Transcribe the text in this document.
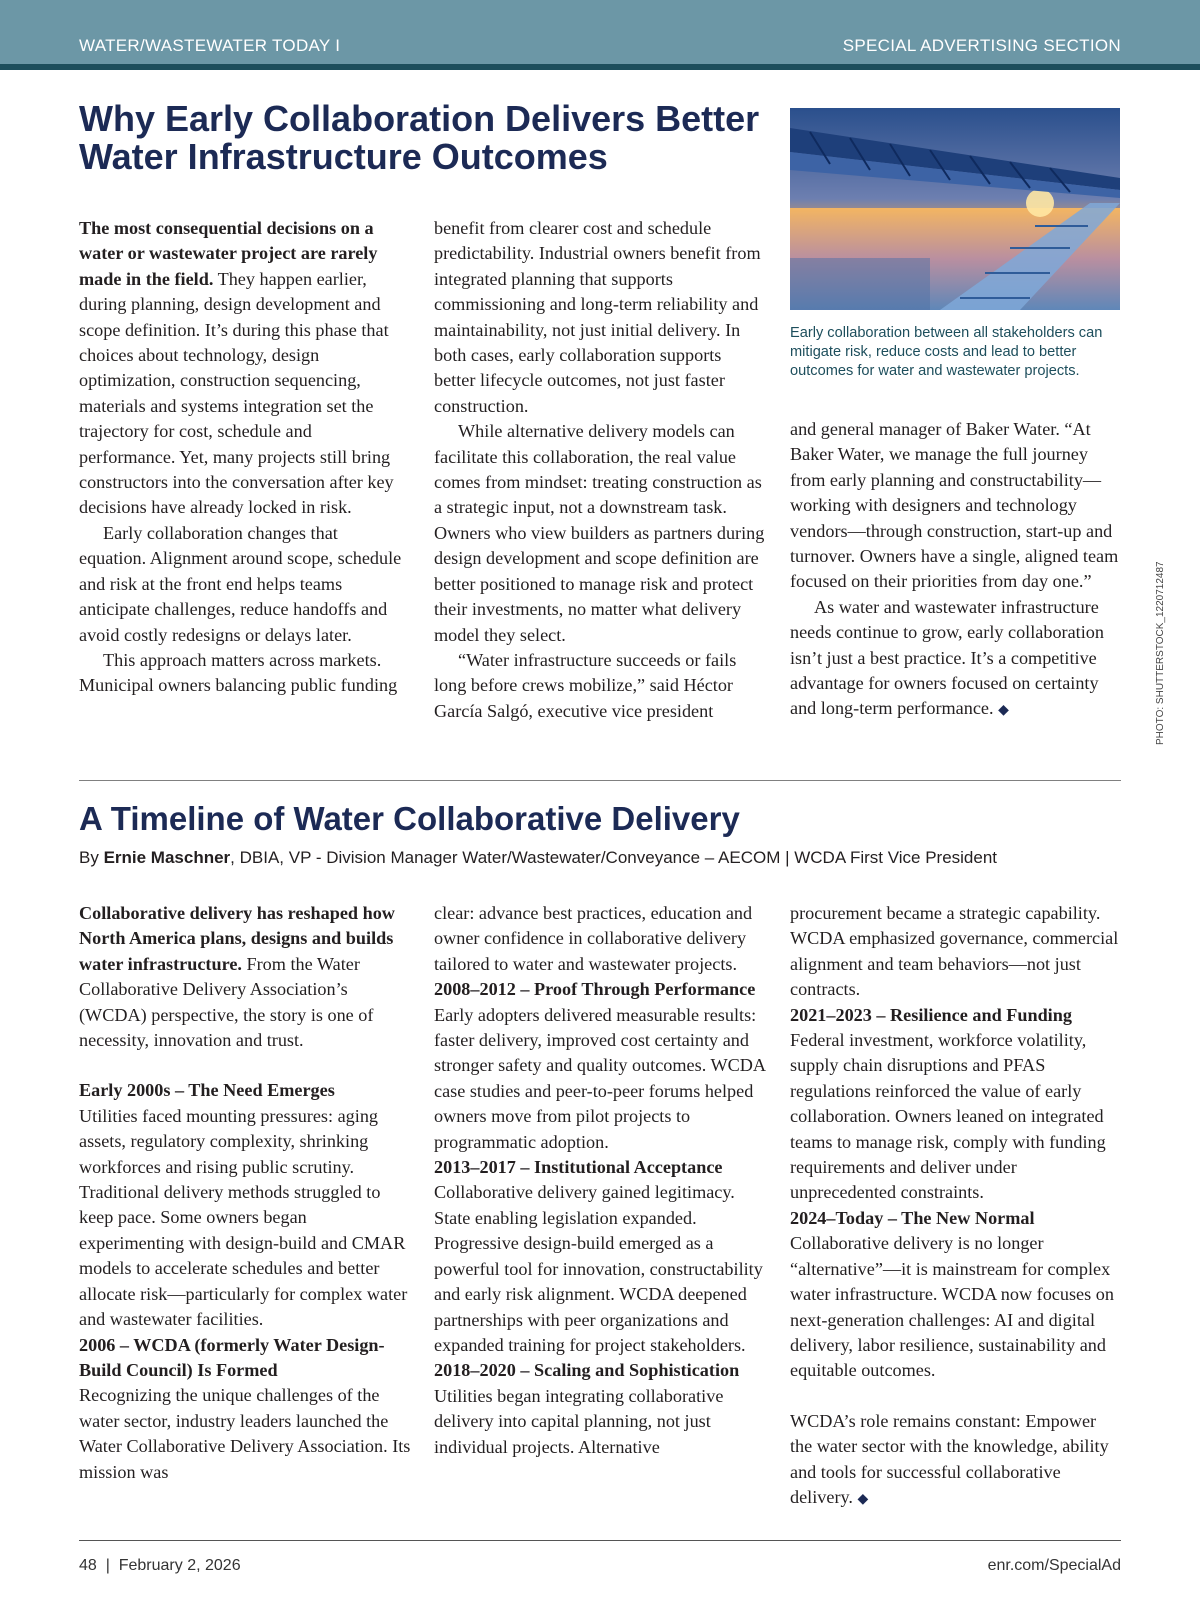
WATER/WASTEWATER TODAY I	SPECIAL ADVERTISING SECTION
Why Early Collaboration Delivers Better
Water Infrastructure Outcomes
Early collaboration between all stakeholders can mitigate risk, reduce costs and lead to better outcomes for water and wastewater projects.
PHOTO: SHUTTERSTOCK_1220712487

The most consequential decisions on a water or wastewater project are rarely made in the field. They happen earlier, during planning, design development and scope definition. It’s during this phase that choices about technology, design optimization, construction sequencing, materials and systems integration set the trajectory for cost, schedule and performance. Yet, many projects still bring constructors into the conversation after key decisions have already locked in risk.

Early collaboration changes that equation. Alignment around scope, schedule and risk at the front end helps teams anticipate challenges, reduce handoffs and avoid costly redesigns or delays later.

This approach matters across markets. Municipal owners balancing public funding

benefit from clearer cost and schedule predictability. Industrial owners benefit from integrated planning that supports commissioning and long-term reliability and maintainability, not just initial delivery. In both cases, early collaboration supports better lifecycle outcomes, not just faster construction.

While alternative delivery models can facilitate this collaboration, the real value comes from mindset: treating construction as a strategic input, not a downstream task. Owners who view builders as partners during design development and scope definition are better positioned to manage risk and protect their investments, no matter what delivery model they select.

“Water infrastructure succeeds or fails long before crews mobilize,” said Héctor García Salgó, executive vice president

and general manager of Baker Water. “At Baker Water, we manage the full journey from early planning and constructability—working with designers and technology vendors—through construction, start-up and turnover. Owners have a single, aligned team focused on their priorities from day one.”

As water and wastewater infrastructure needs continue to grow, early collaboration isn’t just a best practice. It’s a competitive advantage for owners focused on certainty and long-term performance. ◆

A Timeline of Water Collaborative Delivery
By Ernie Maschner, DBIA, VP - Division Manager Water/Wastewater/Conveyance – AECOM | WCDA First Vice President

Collaborative delivery has reshaped how North America plans, designs and builds water infrastructure. From the Water Collaborative Delivery Association’s (WCDA) perspective, the story is one of necessity, innovation and trust.

Early 2000s – The Need Emerges

Utilities faced mounting pressures: aging assets, regulatory complexity, shrinking workforces and rising public scrutiny. Traditional delivery methods struggled to keep pace. Some owners began experimenting with design-build and CMAR models to accelerate schedules and better allocate risk—particularly for complex water and wastewater facilities.

2006 – WCDA (formerly Water Design-Build Council) Is Formed

Recognizing the unique challenges of the water sector, industry leaders launched the Water Collaborative Delivery Association. Its mission was

clear: advance best practices, education and owner confidence in collaborative delivery tailored to water and wastewater projects.

2008–2012 – Proof Through Performance

Early adopters delivered measurable results: faster delivery, improved cost certainty and stronger safety and quality outcomes. WCDA case studies and peer-to-peer forums helped owners move from pilot projects to programmatic adoption.

2013–2017 – Institutional Acceptance

Collaborative delivery gained legitimacy. State enabling legislation expanded. Progressive design-build emerged as a powerful tool for innovation, constructability and early risk alignment. WCDA deepened partnerships with peer organizations and expanded training for project stakeholders.

2018–2020 – Scaling and Sophistication

Utilities began integrating collaborative delivery into capital planning, not just individual projects. Alternative

procurement became a strategic capability. WCDA emphasized governance, commercial alignment and team behaviors—not just contracts.

2021–2023 – Resilience and Funding

Federal investment, workforce volatility, supply chain disruptions and PFAS regulations reinforced the value of early collaboration. Owners leaned on integrated teams to manage risk, comply with funding requirements and deliver under unprecedented constraints.

2024–Today – The New Normal

Collaborative delivery is no longer “alternative”—it is mainstream for complex water infrastructure. WCDA now focuses on next-generation challenges: AI and digital delivery, labor resilience, sustainability and equitable outcomes.

WCDA’s role remains constant: Empower the water sector with the knowledge, ability and tools for successful collaborative delivery. ◆

48  |  February 2, 2026	enr.com/SpecialAd
